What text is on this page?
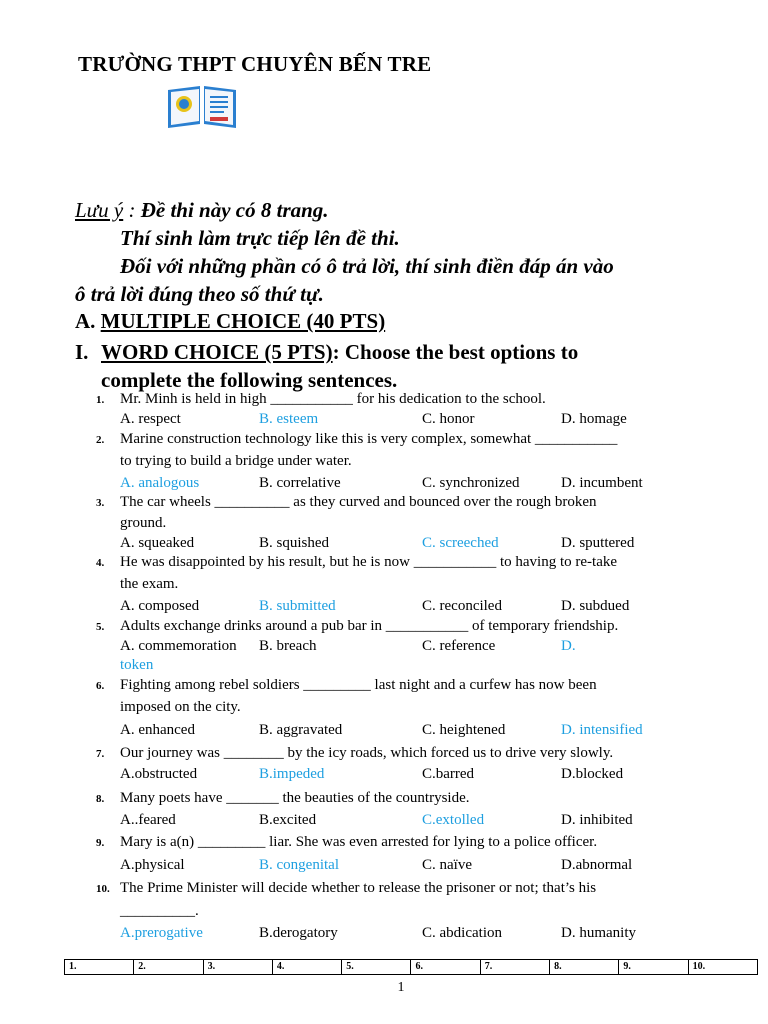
TRƯỜNG THPT CHUYÊN BẾN TRE
Lưu ý : Đề thi này có 8 trang.
Thí sinh làm trực tiếp lên đề thi.
Đối với những phần có ô trả lời, thí sinh điền đáp án vào
ô trả lời đúng theo số thứ tự.
A. MULTIPLE CHOICE (40 PTS)
I. WORD CHOICE (5 PTS): Choose the best options to
complete the following sentences.
1. Mr. Minh is held in high ___________ for his dedication to the school.
A. respect	B. esteem	C. honor	D. homage
2. Marine construction technology like this is very complex, somewhat ___________
to trying to build a bridge under water.
A. analogous	B. correlative	C. synchronized	D. incumbent
3. The car wheels __________ as they curved and bounced over the rough broken
ground.
A. squeaked	B. squished	C. screeched	D. sputtered
4. He was disappointed by his result, but he is now ___________ to having to re-take
the exam.
A. composed	B. submitted	C. reconciled	D. subdued
5. Adults exchange drinks around a pub bar in ___________ of temporary friendship.
A. commemoration B. breach	C. reference	D.
token
6. Fighting among rebel soldiers _________ last night and a curfew has now been
imposed on the city.
A. enhanced	B. aggravated	C. heightened	D. intensified
7. Our journey was ________ by the icy roads, which forced us to drive very slowly.
A.obstructed	B.impeded	C.barred	D.blocked
8. Many poets have _______ the beauties of the countryside.
A..feared	B.excited	C.extolled	D. inhibited
9. Mary is a(n) _________ liar. She was even arrested for lying to a police officer.
A.physical	B. congenital	C. naïve	D.abnormal
10. The Prime Minister will decide whether to release the prisoner or not; that’s his
__________.
A.prerogative	B.derogatory	C. abdication	D. humanity
1.	2.	3.	4.	5.	6.	7.	8.	9.	10.
1
